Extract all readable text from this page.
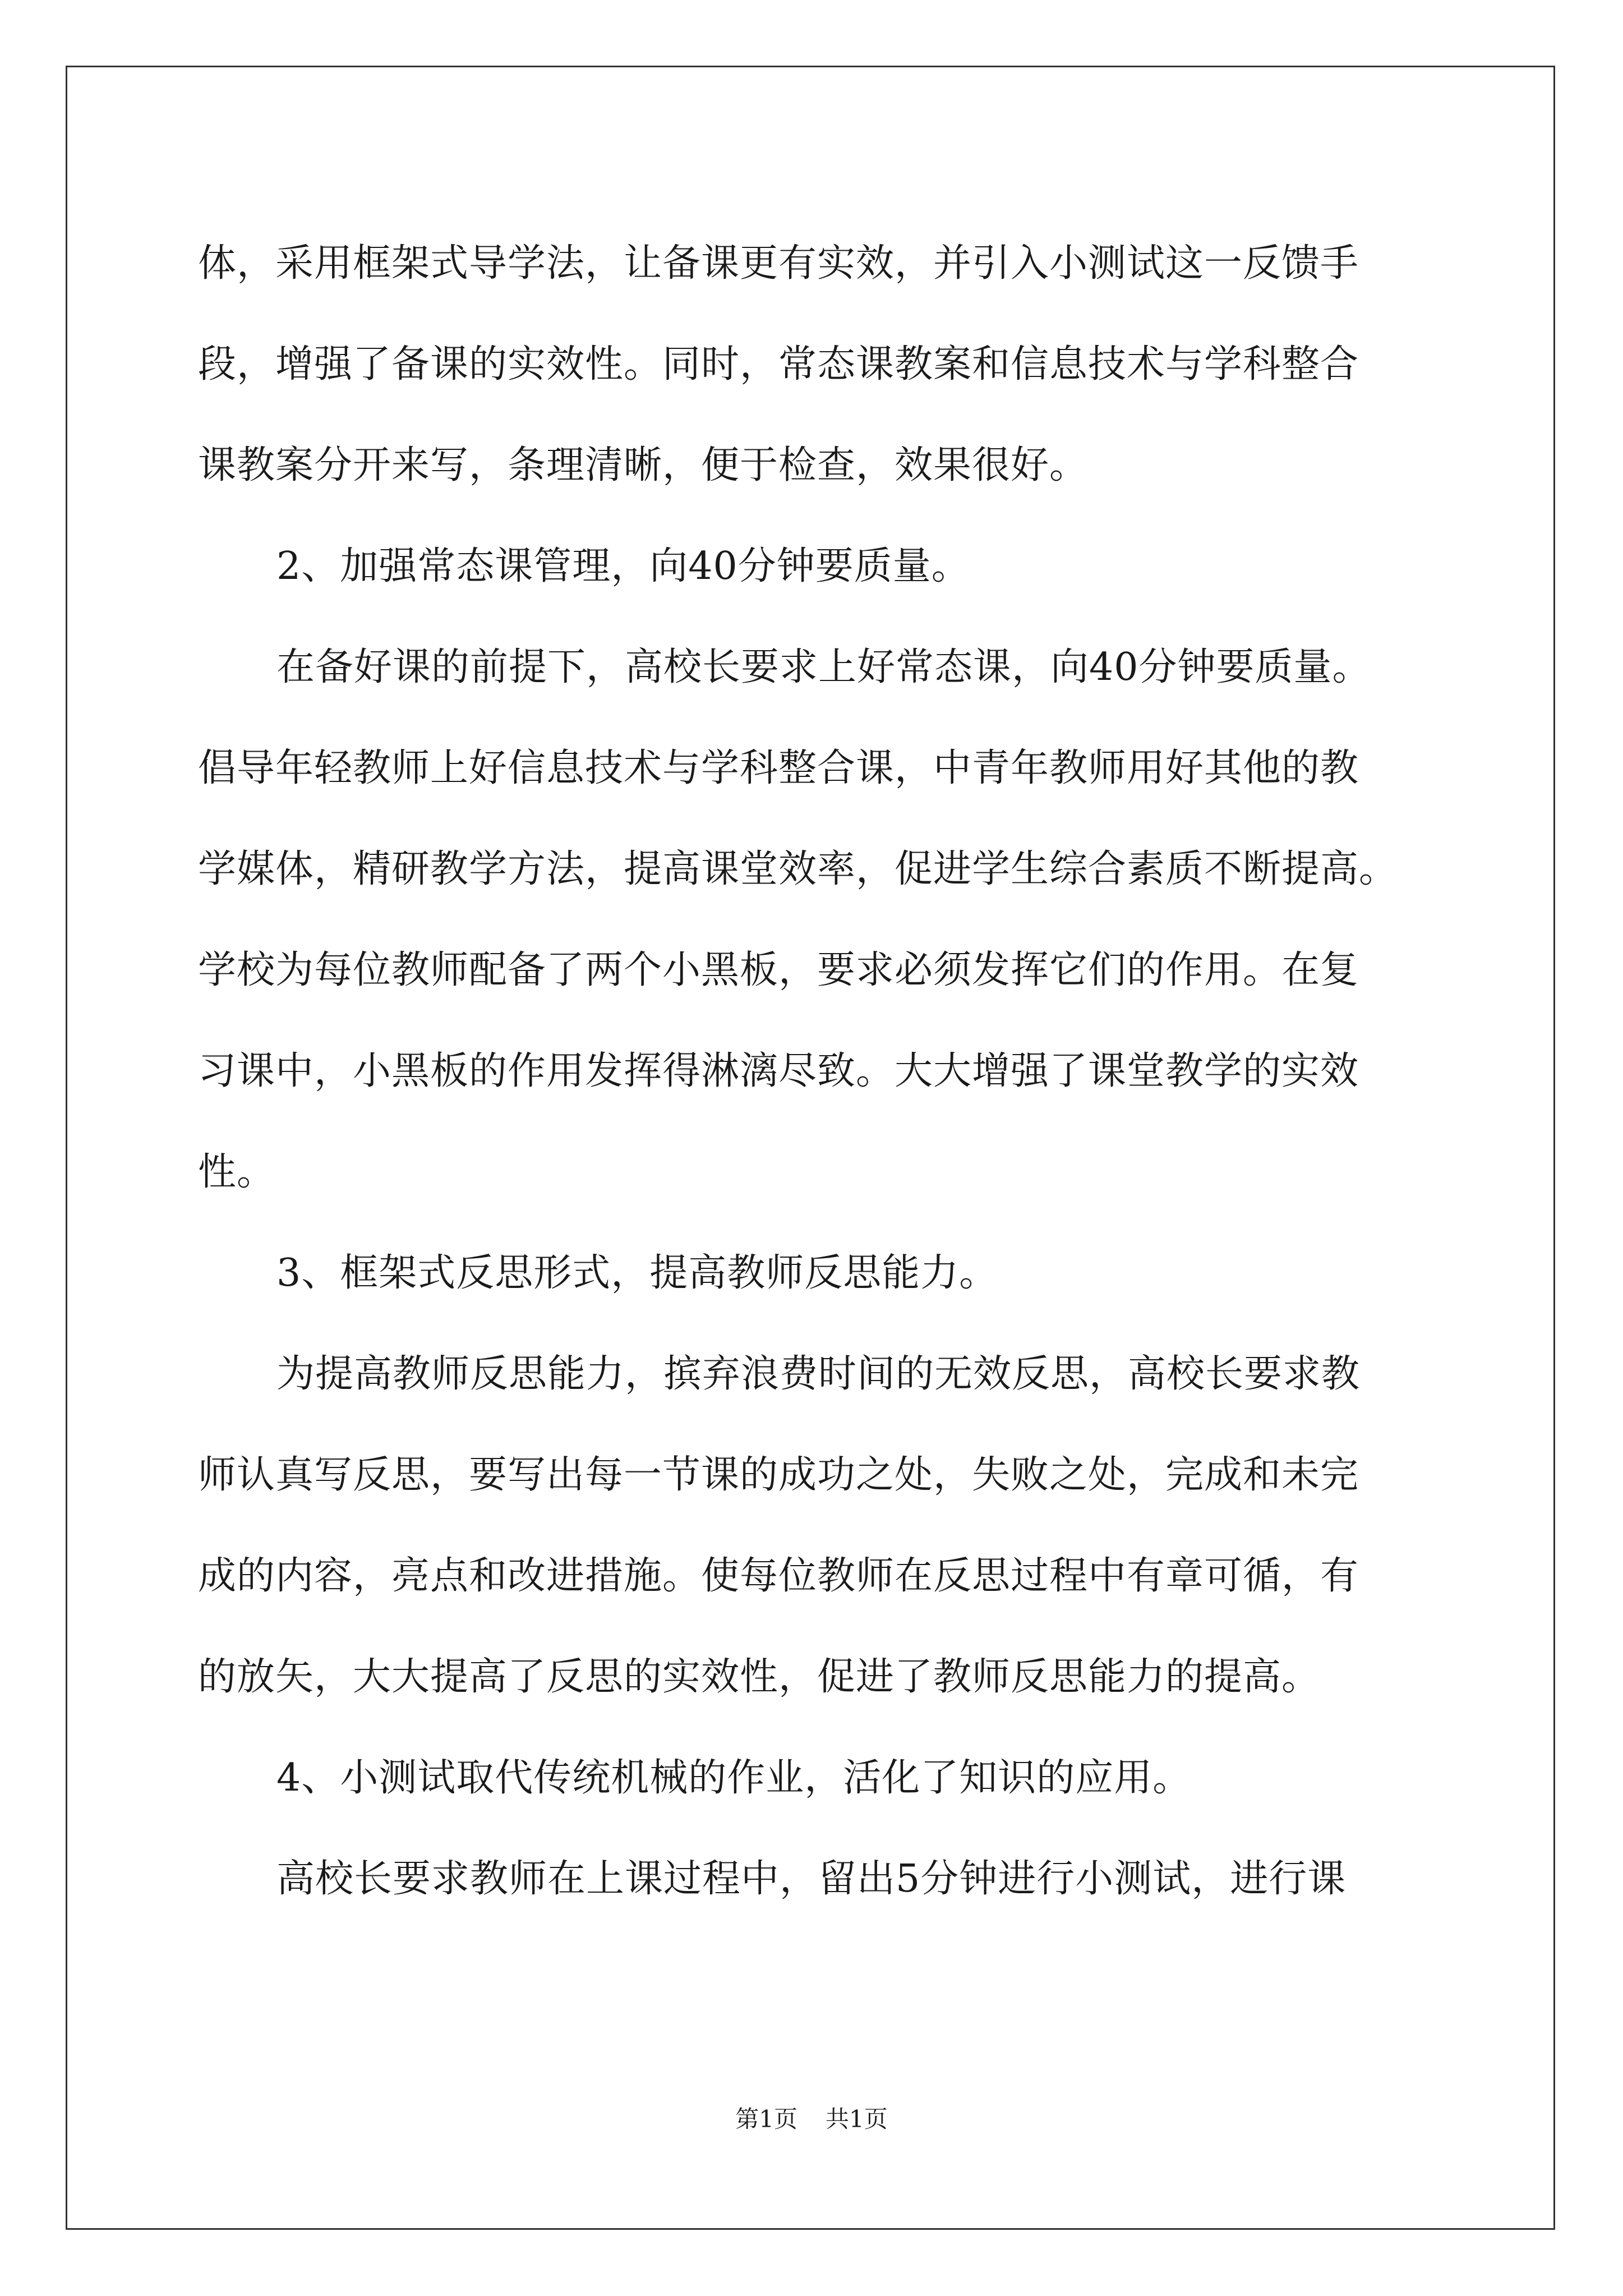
体，采用框架式导学法，让备课更有实效，并引入小测试这一反馈手
段，增强了备课的实效性。同时，常态课教案和信息技术与学科整合
课教案分开来写，条理清晰，便于检查，效果很好。
2、加强常态课管理，向40分钟要质量。
在备好课的前提下，高校长要求上好常态课，向40分钟要质量。
倡导年轻教师上好信息技术与学科整合课，中青年教师用好其他的教
学媒体，精研教学方法，提高课堂效率，促进学生综合素质不断提高。
学校为每位教师配备了两个小黑板，要求必须发挥它们的作用。在复
习课中，小黑板的作用发挥得淋漓尽致。大大增强了课堂教学的实效
性。
3、框架式反思形式，提高教师反思能力。
为提高教师反思能力，摈弃浪费时间的无效反思，高校长要求教
师认真写反思，要写出每一节课的成功之处，失败之处，完成和未完
成的内容，亮点和改进措施。使每位教师在反思过程中有章可循，有
的放矢，大大提高了反思的实效性，促进了教师反思能力的提高。
4、小测试取代传统机械的作业，活化了知识的应用。
高校长要求教师在上课过程中，留出5分钟进行小测试，进行课
第1页 共1页
